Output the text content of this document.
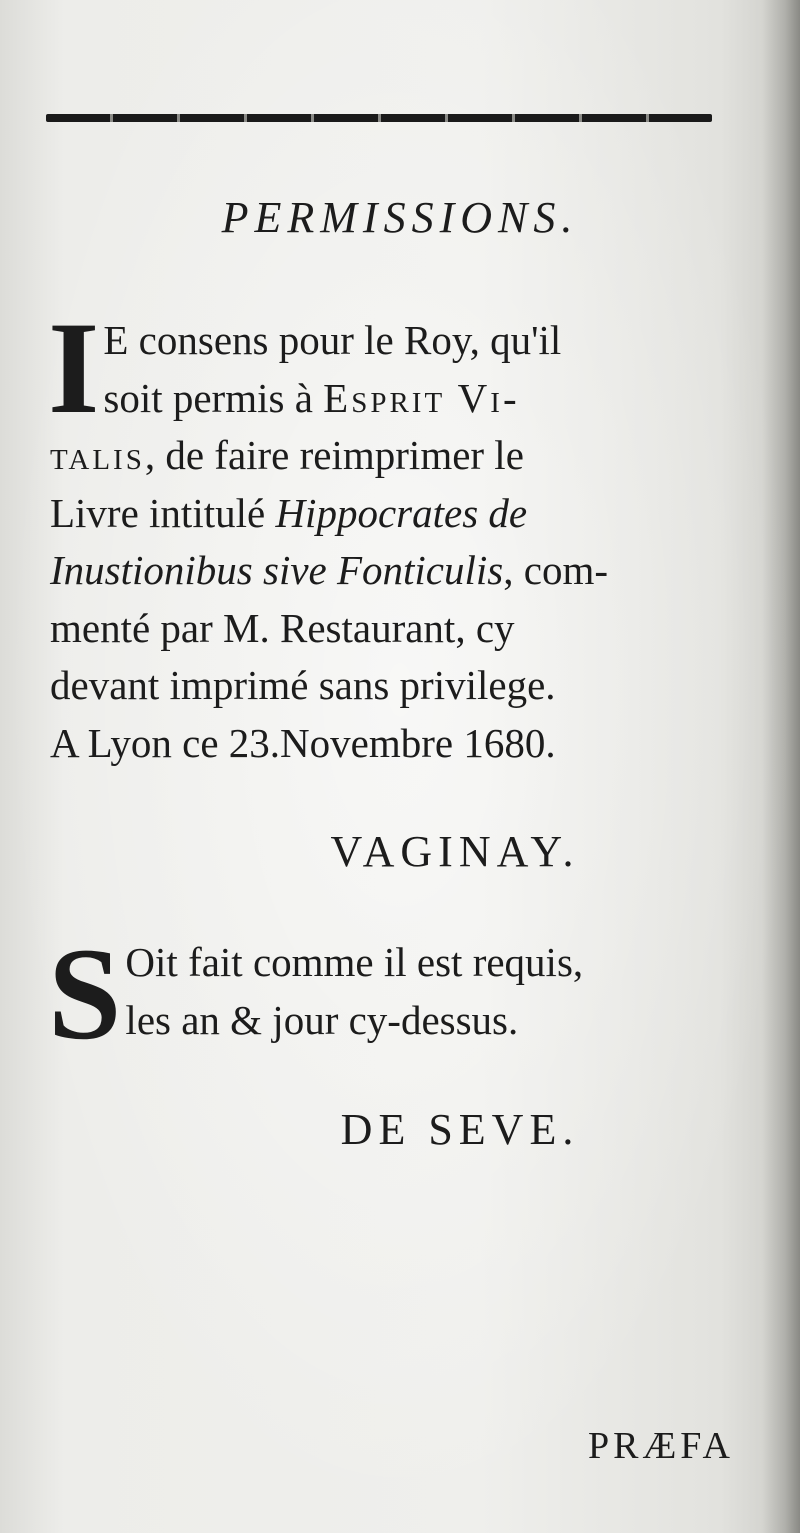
PERMISSIONS.
I E consens pour le Roy, qu'il
soit permis à Esprit Vi-
talis, de faire reimprimer le
Livre intitulé Hippocrates de
Inustionibus sive Fonticulis, com-
menté par M. Restaurant, cy
devant imprimé sans privilege.
A Lyon ce 23.Novembre 1680.
VAGINAY.
S Oit fait comme il est requis,
les an & jour cy-dessus.
DE SEVE.
PRÆFA
